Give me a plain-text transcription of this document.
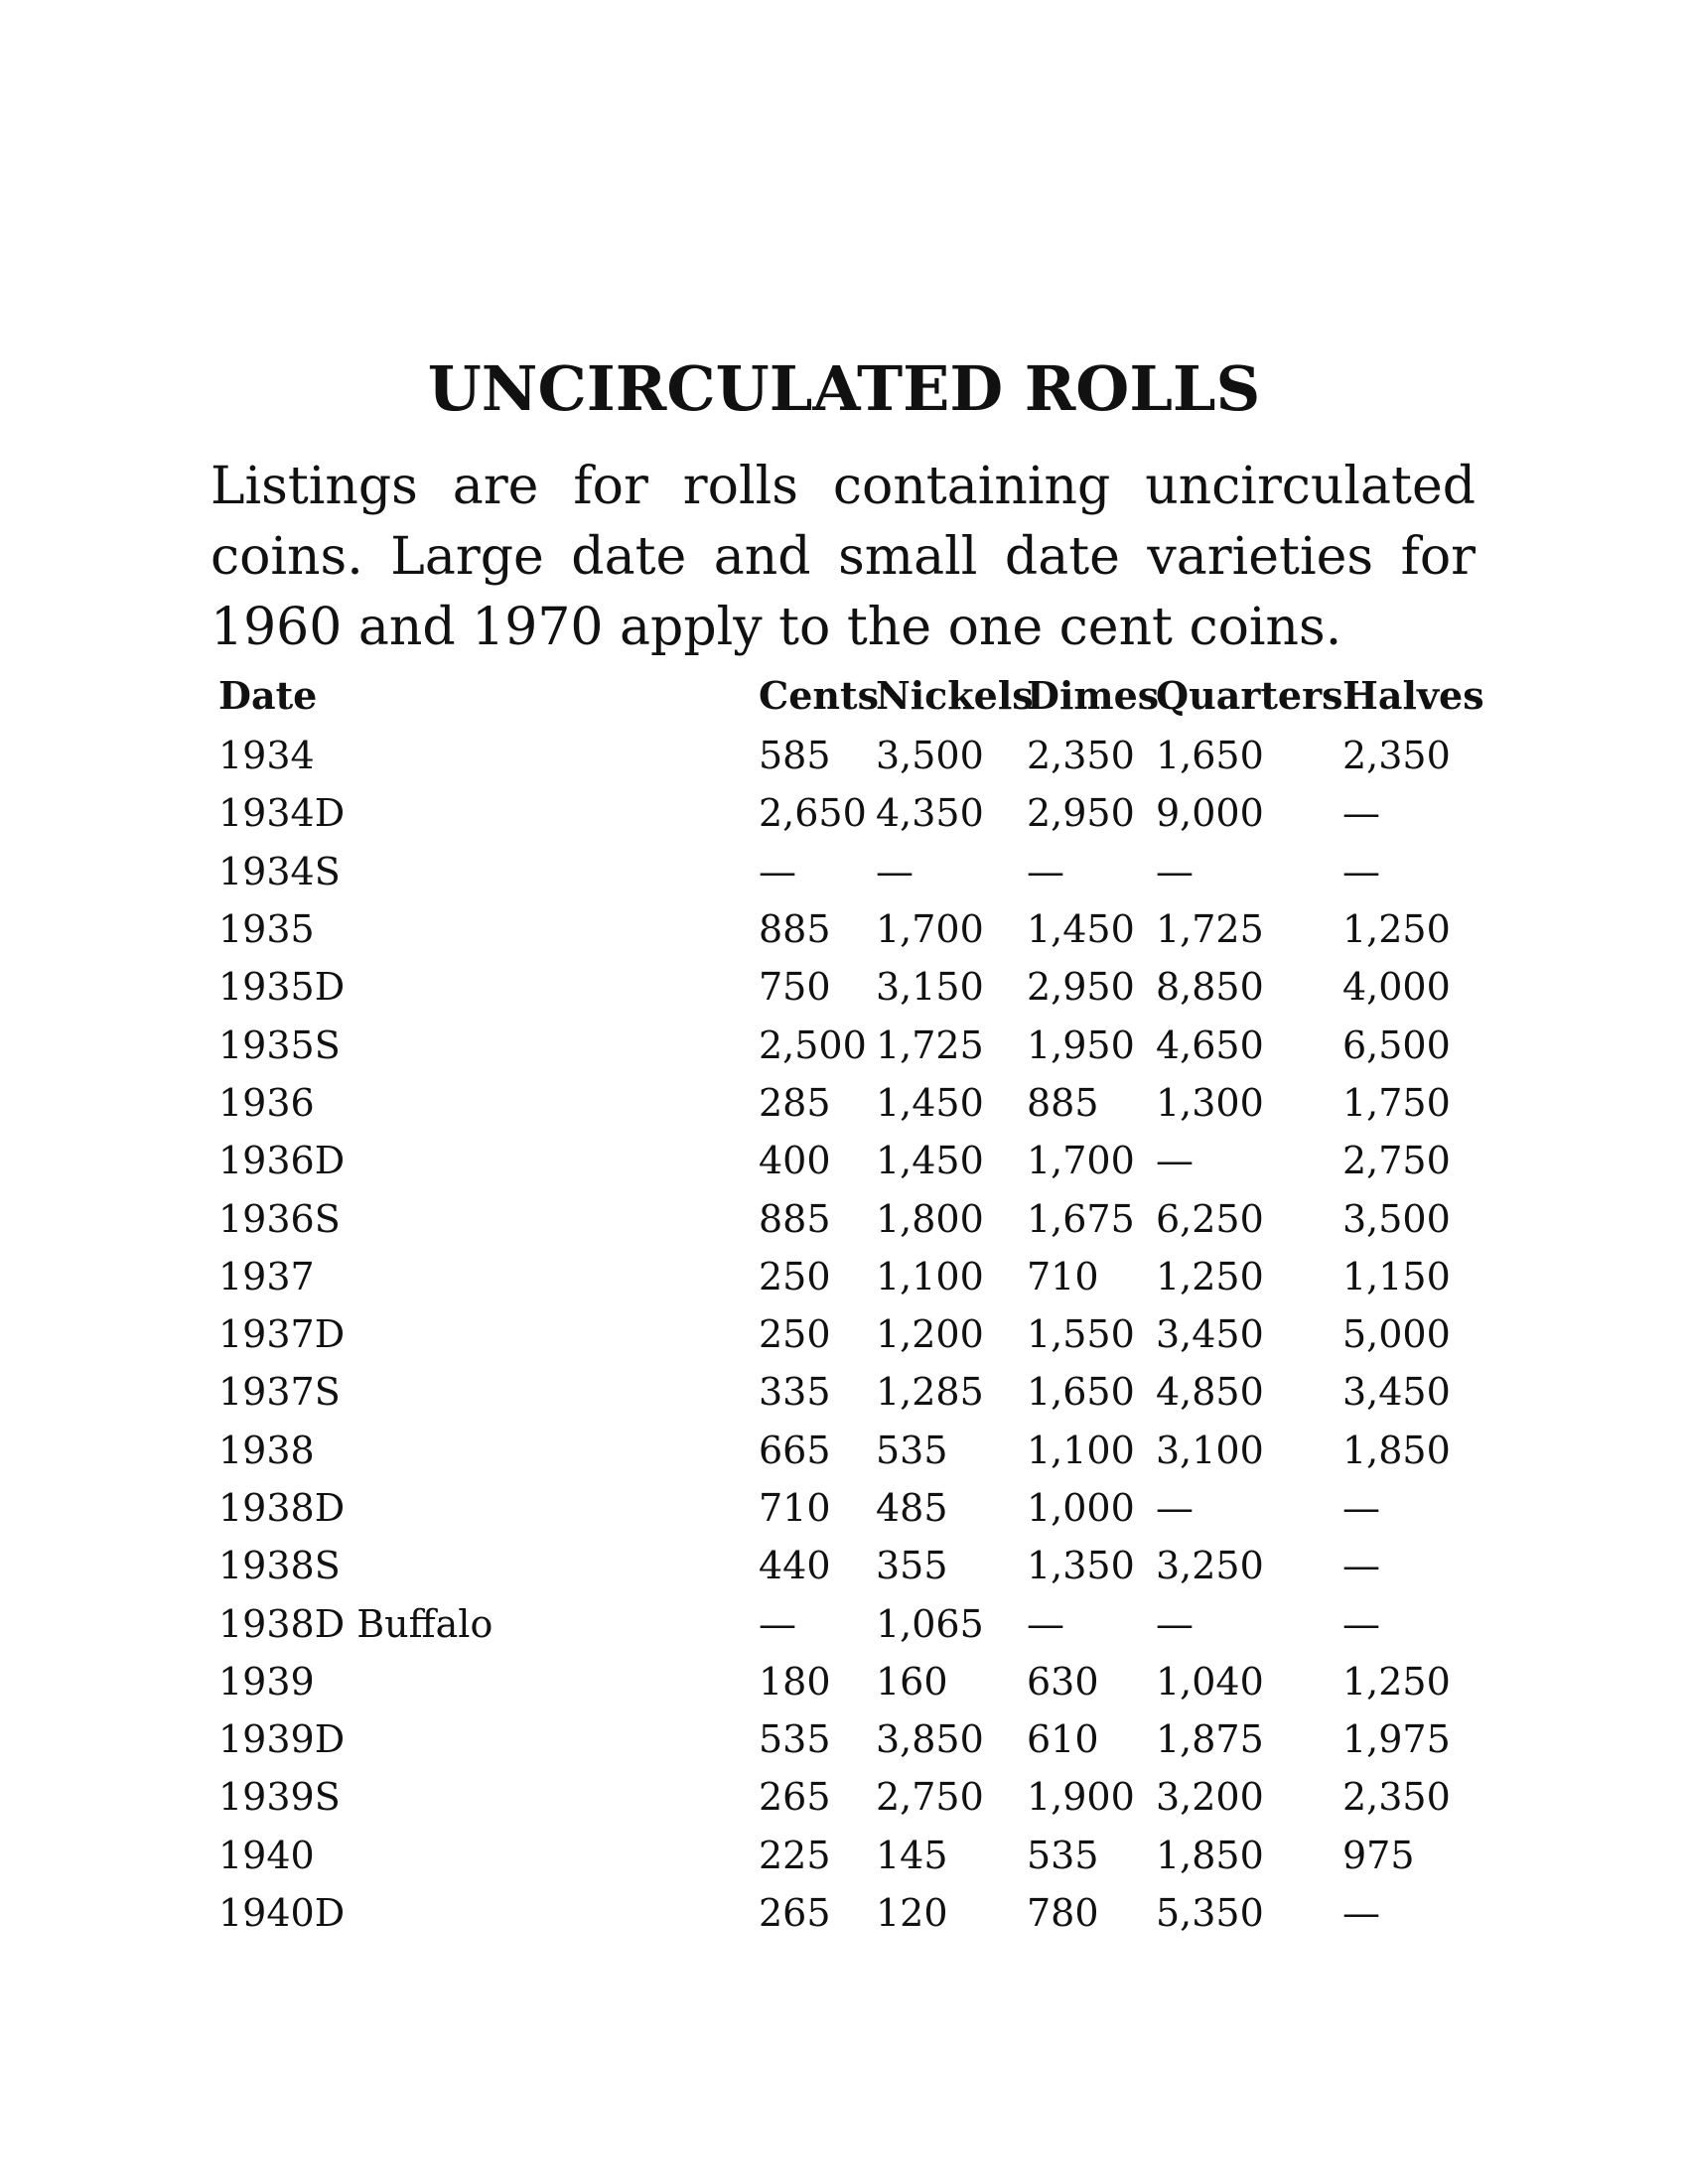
UNCIRCULATED ROLLS

Listings are for rolls containing uncirculated coins. Large date and small date varieties for 1960 and 1970 apply to the one cent coins.

Date	Cents	Nickels	Dimes	Quarters	Halves
1934	585	3,500	2,350	1,650	2,350
1934D	2,650	4,350	2,950	9,000	—
1934S	—	—	—	—	—
1935	885	1,700	1,450	1,725	1,250
1935D	750	3,150	2,950	8,850	4,000
1935S	2,500	1,725	1,950	4,650	6,500
1936	285	1,450	885	1,300	1,750
1936D	400	1,450	1,700	—	2,750
1936S	885	1,800	1,675	6,250	3,500
1937	250	1,100	710	1,250	1,150
1937D	250	1,200	1,550	3,450	5,000
1937S	335	1,285	1,650	4,850	3,450
1938	665	535	1,100	3,100	1,850
1938D	710	485	1,000	—	—
1938S	440	355	1,350	3,250	—
1938D Buffalo	—	1,065	—	—	—
1939	180	160	630	1,040	1,250
1939D	535	3,850	610	1,875	1,975
1939S	265	2,750	1,900	3,200	2,350
1940	225	145	535	1,850	975
1940D	265	120	780	5,350	—
